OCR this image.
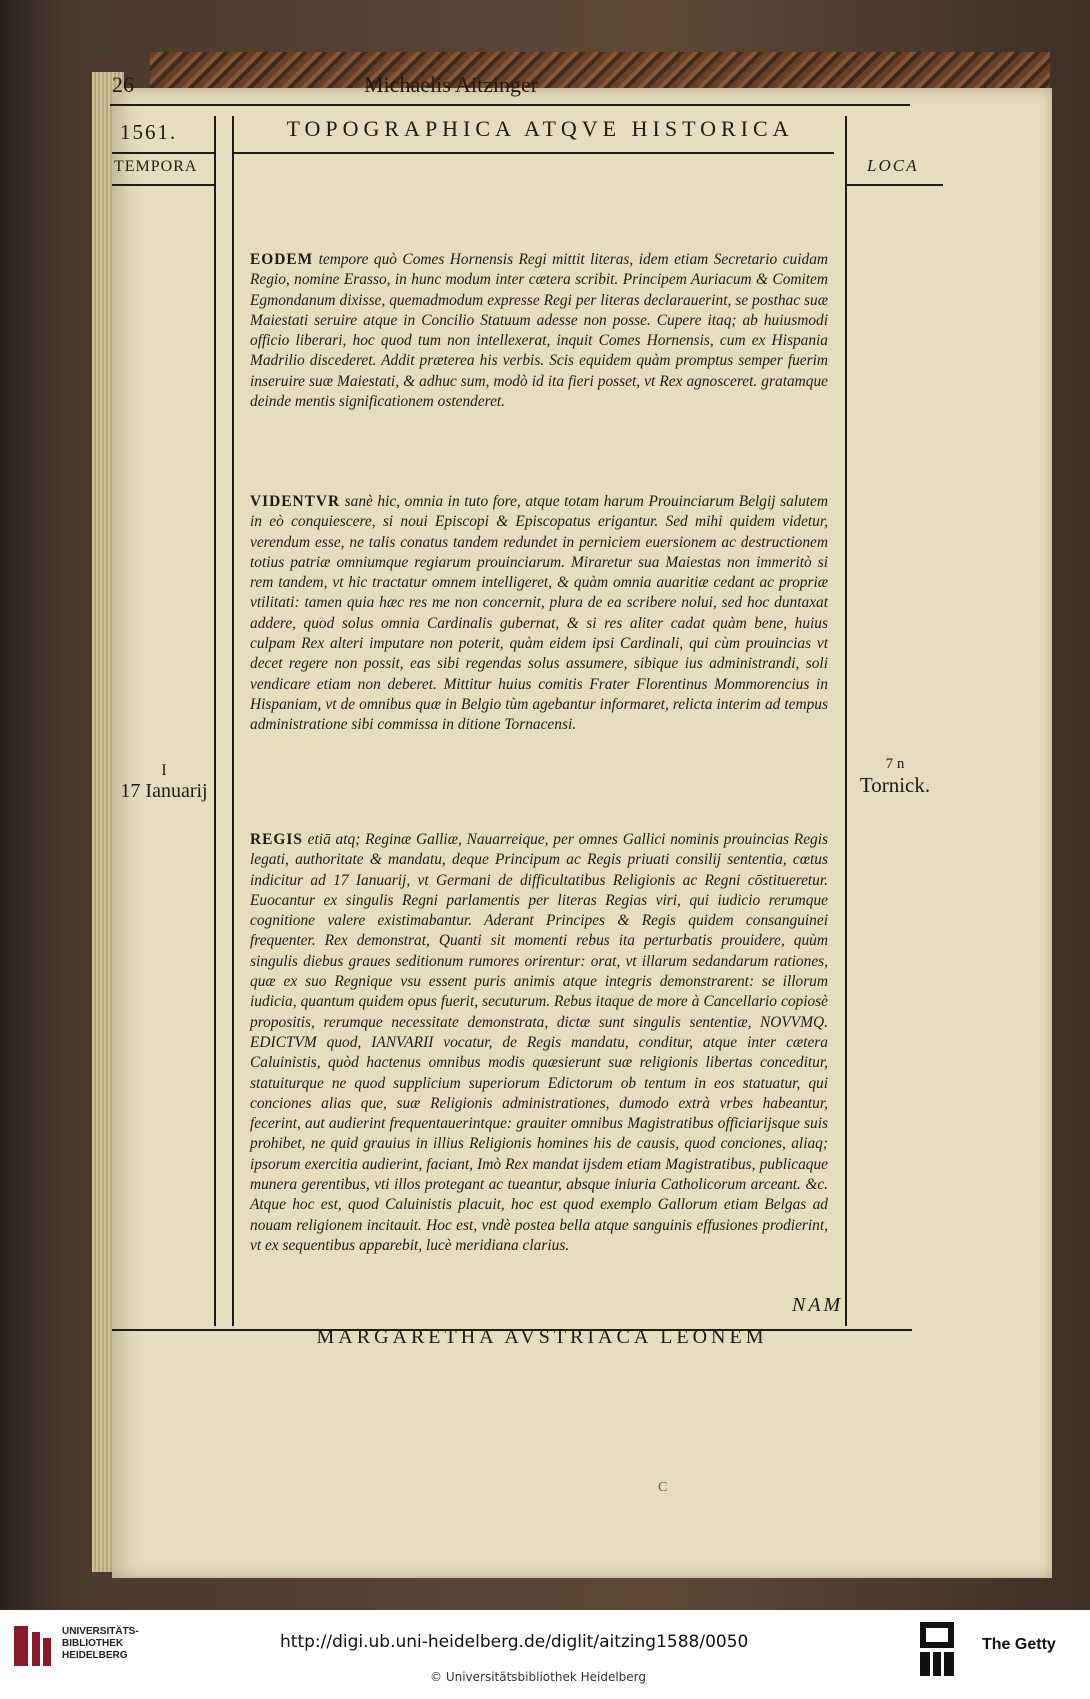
26	Michaelis Aitzinger
1561.
TEMPORA	LOCA
TOPOGRAPHICA ATQVE HISTORICA

EODEM tempore quò Comes Hornensis Regi mittit literas, idem etiam Secretario cuidam Regio, nomine Erasso, in hunc modum inter cætera scribit. Principem Auriacum & Comitem Egmondanum dixisse, quemadmodum expresse Regi per literas declarauerint, se posthac suæ Maiestati seruire atque in Concilio Statuum adesse non posse. Cupere itaq; ab huiusmodi officio liberari, hoc quod tum non intellexerat, inquit Comes Hornensis, cum ex Hispania Madrilio discederet. Addit præterea his verbis. Scis equidem quàm promptus semper fuerim inseruire suæ Maiestati, & adhuc sum, modò id ita fieri posset, vt Rex agnosceret. gratamque deinde mentis significationem ostenderet.

VIDENTVR sanè hic, omnia in tuto fore, atque totam harum Prouinciarum Belgij salutem in eò conquiescere, si noui Episcopi & Episcopatus erigantur. Sed mihi quidem videtur, verendum esse, ne talis conatus tandem redundet in perniciem euersionem ac destructionem totius patriæ omniumque regiarum prouinciarum. Miraretur sua Maiestas non immeritò si rem tandem, vt hic tractatur omnem intelligeret, & quàm omnia auaritiæ cedant ac propriæ vtilitati: tamen quia hæc res me non concernit, plura de ea scribere nolui, sed hoc duntaxat addere, quod solus omnia Cardinalis gubernat, & si res aliter cadat quàm bene, huius culpam Rex alteri imputare non poterit, quàm eidem ipsi Cardinali, qui cùm prouincias vt decet regere non possit, eas sibi regendas solus assumere, sibique ius administrandi, soli vendicare etiam non deberet. Mittitur huius comitis Frater Florentinus Mommorencius in Hispaniam, vt de omnibus quæ in Belgio tùm agebantur informaret, relicta interim ad tempus administratione sibi commissa in ditione Tornacensi.

REGIS etiā atq; Reginæ Galliæ, Nauarreique, per omnes Gallici nominis prouincias Regis legati, authoritate & mandatu, deque Principum ac Regis priuati consilij sententia, cœtus indicitur ad 17 Ianuarij, vt Germani de difficultatibus Religionis ac Regni cōstitueretur. Euocantur ex singulis Regni parlamentis per literas Regias viri, qui iudicio rerumque cognitione valere existimabantur. Aderant Principes & Regis quidem consanguinei frequenter. Rex demonstrat, Quanti sit momenti rebus ita perturbatis prouidere, quùm singulis diebus graues seditionum rumores orirentur: orat, vt illarum sedandarum rationes, quæ ex suo Regnique vsu essent puris animis atque integris demonstrarent: se illorum iudicia, quantum quidem opus fuerit, secuturum. Rebus itaque de more à Cancellario copiosè propositis, rerumque necessitate demonstrata, dictæ sunt singulis sententiæ, NOVVMQ. EDICTVM quod, IANVARII vocatur, de Regis mandatu, conditur, atque inter cætera Caluinistis, quòd hactenus omnibus modis quæsierunt suæ religionis libertas conceditur, statuiturque ne quod supplicium superiorum Edictorum ob tentum in eos statuatur, qui conciones alias que, suæ Religionis administrationes, dumodo extrà vrbes habeantur, fecerint, aut audierint frequentauerintque: grauiter omnibus Magistratibus officiarijsque suis prohibet, ne quid grauius in illius Religionis homines his de causis, quod conciones, aliaq; ipsorum exercitia audierint, faciant, Imò Rex mandat ijsdem etiam Magistratibus, publicaque munera gerentibus, vti illos protegant ac tueantur, absque iniuria Catholicorum arceant. &c. Atque hoc est, quod Caluinistis placuit, hoc est quod exemplo Gallorum etiam Belgas ad nouam religionem incitauit. Hoc est, vndè postea bella atque sanguinis effusiones prodierint, vt ex sequentibus apparebit, lucè meridiana clarius.

I
17 Ianuarij
7 n
Tornick.
NAM
MARGARETHA AVSTRIACA LEONEM
C
UNIVERSITÄTS-
BIBLIOTHEK
HEIDELBERG
http://digi.ub.uni-heidelberg.de/diglit/aitzing1588/0050
© Universitätsbibliothek Heidelberg
The Getty
